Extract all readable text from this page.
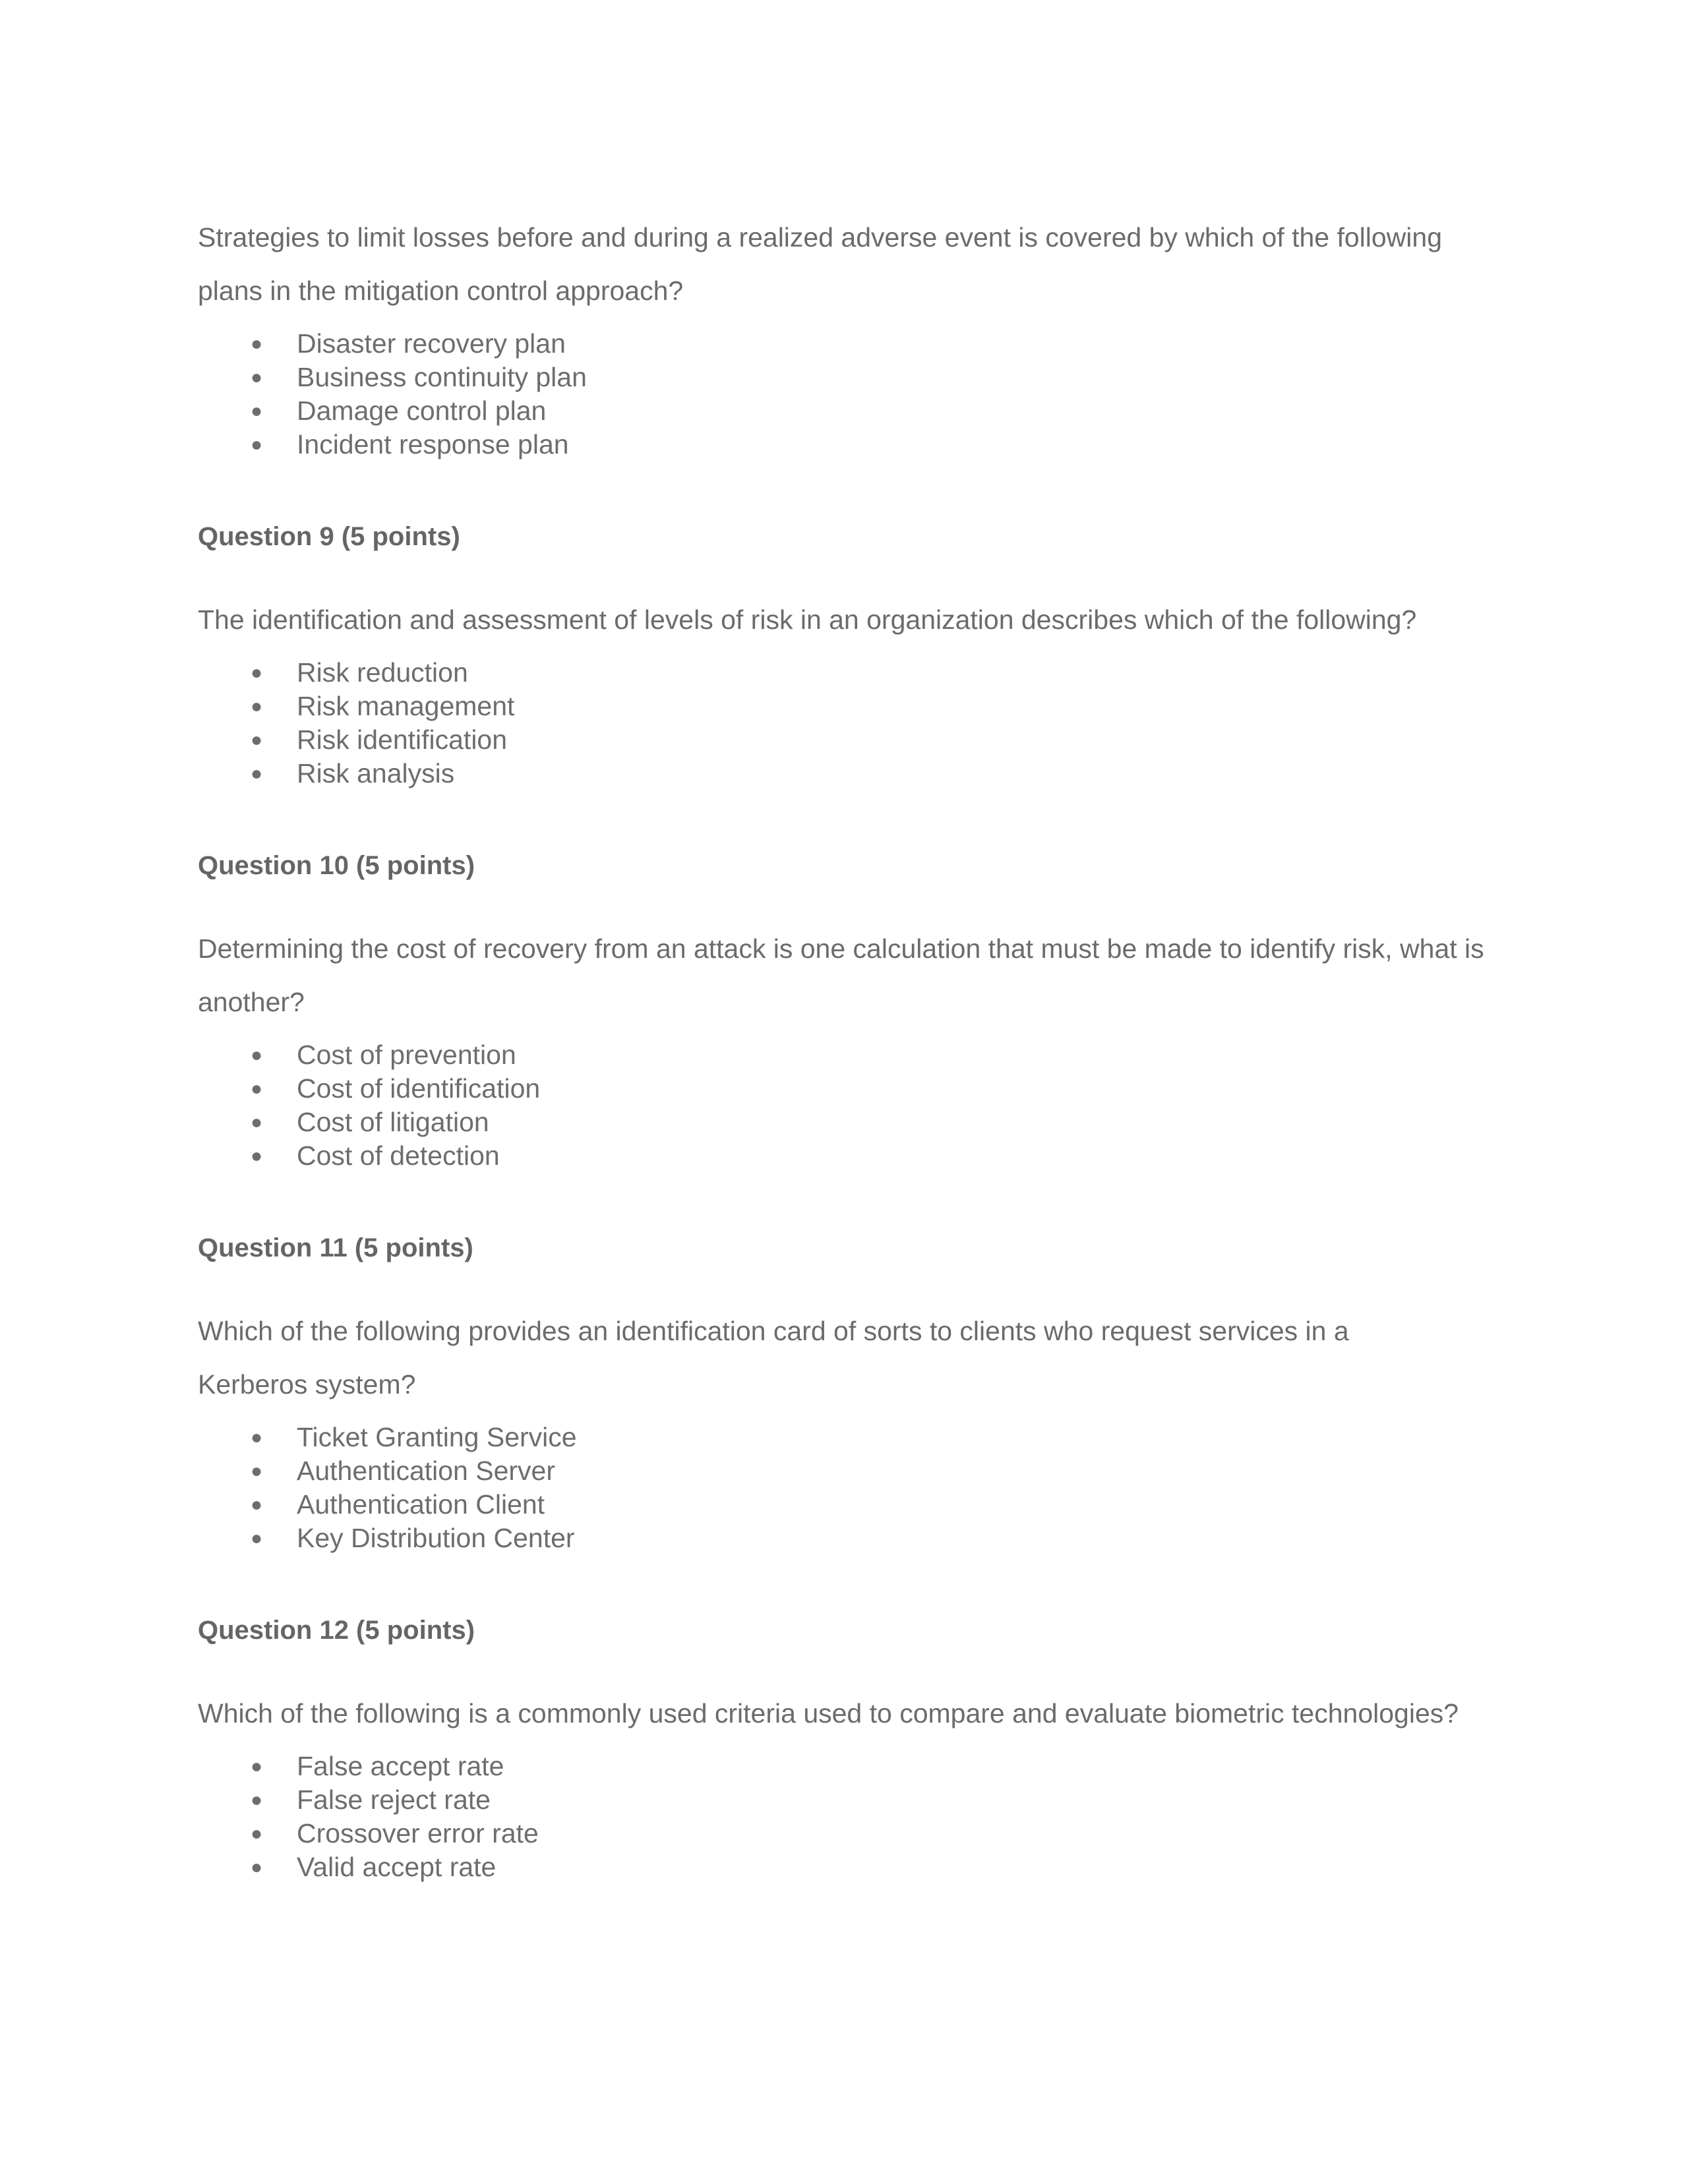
Strategies to limit losses before and during a realized adverse event is covered by which of the following plans in the mitigation control approach?

● Disaster recovery plan
● Business continuity plan
● Damage control plan
● Incident response plan
Question 9 (5 points)

The identification and assessment of levels of risk in an organization describes which of the following?

● Risk reduction
● Risk management
● Risk identification
● Risk analysis
Question 10 (5 points)

Determining the cost of recovery from an attack is one calculation that must be made to identify risk, what is another?

● Cost of prevention
● Cost of identification
● Cost of litigation
● Cost of detection
Question 11 (5 points)

Which of the following provides an identification card of sorts to clients who request services in a Kerberos system?

● Ticket Granting Service
● Authentication Server
● Authentication Client
● Key Distribution Center
Question 12 (5 points)

Which of the following is a commonly used criteria used to compare and evaluate biometric technologies?

● False accept rate
● False reject rate
● Crossover error rate
● Valid accept rate
